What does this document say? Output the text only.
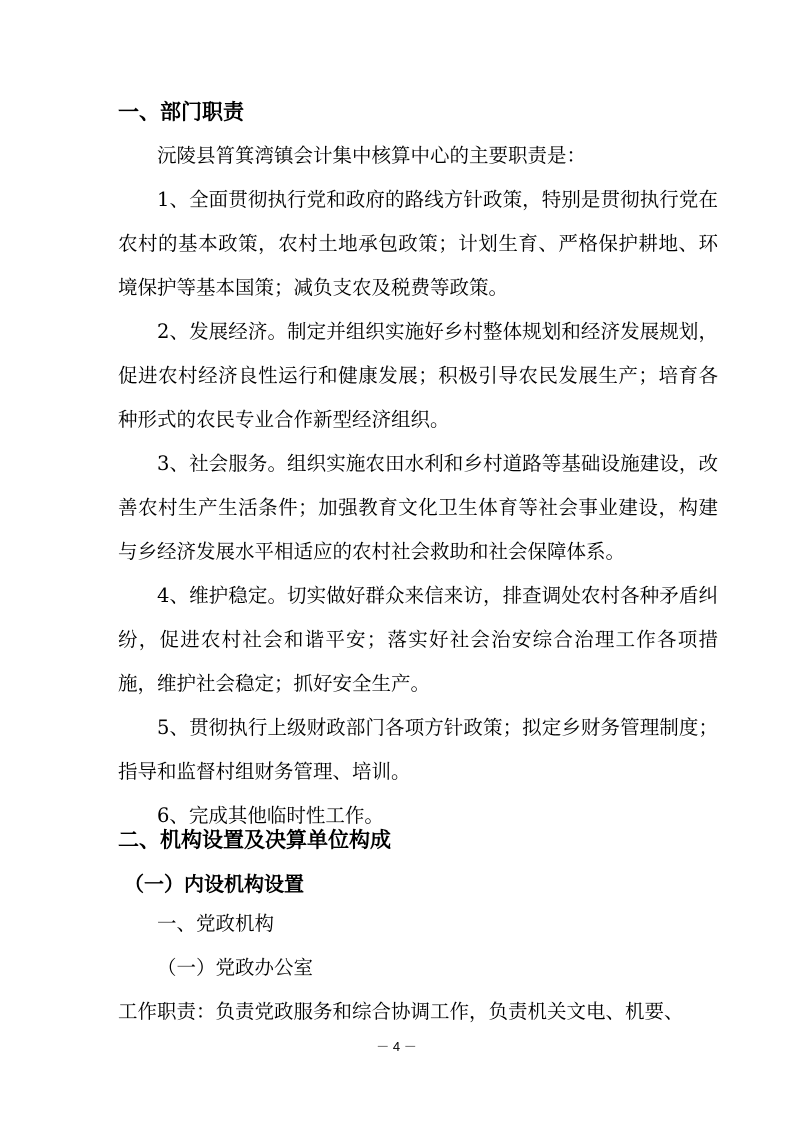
一、部门职责
沅陵县筲箕湾镇会计集中核算中心的主要职责是：
1、全面贯彻执行党和政府的路线方针政策，特别是贯彻执行党在农村的基本政策，农村土地承包政策；计划生育、严格保护耕地、环境保护等基本国策；减负支农及税费等政策。
2、发展经济。制定并组织实施好乡村整体规划和经济发展规划，促进农村经济良性运行和健康发展；积极引导农民发展生产；培育各种形式的农民专业合作新型经济组织。
3、社会服务。组织实施农田水利和乡村道路等基础设施建设，改善农村生产生活条件；加强教育文化卫生体育等社会事业建设，构建与乡经济发展水平相适应的农村社会救助和社会保障体系。
4、维护稳定。切实做好群众来信来访，排查调处农村各种矛盾纠纷，促进农村社会和谐平安；落实好社会治安综合治理工作各项措施，维护社会稳定；抓好安全生产。
5、贯彻执行上级财政部门各项方针政策；拟定乡财务管理制度；指导和监督村组财务管理、培训。
6、完成其他临时性工作。
二、机构设置及决算单位构成
（一）内设机构设置
一、党政机构
（一）党政办公室
工作职责：负责党政服务和综合协调工作，负责机关文电、机要、
－ 4 －
